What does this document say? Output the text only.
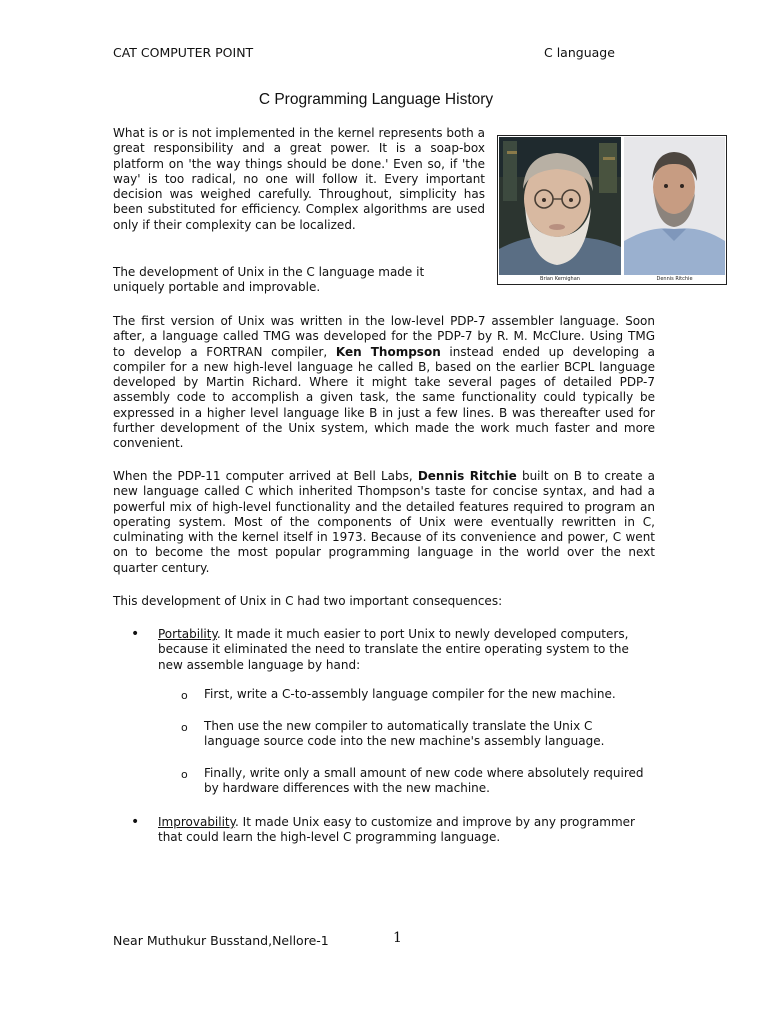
CAT COMPUTER POINT	C language
C Programming Language History

What is or is not implemented in the kernel represents both a great responsibility and a great power. It is a soap-box platform on 'the way things should be done.' Even so, if 'the way' is too radical, no one will follow it. Every important decision was weighed carefully. Throughout, simplicity has been substituted for efficiency. Complex algorithms are used only if their complexity can be localized.

The development of Unix in the C language made it uniquely portable and improvable.

Brian Kernighan	Dennis Ritchie

The first version of Unix was written in the low-level PDP-7 assembler language. Soon after, a language called TMG was developed for the PDP-7 by R. M. McClure. Using TMG to develop a FORTRAN compiler, Ken Thompson instead ended up developing a compiler for a new high-level language he called B, based on the earlier BCPL language developed by Martin Richard. Where it might take several pages of detailed PDP-7 assembly code to accomplish a given task, the same functionality could typically be expressed in a higher level language like B in just a few lines. B was thereafter used for further development of the Unix system, which made the work much faster and more convenient.

When the PDP-11 computer arrived at Bell Labs, Dennis Ritchie built on B to create a new language called C which inherited Thompson's taste for concise syntax, and had a powerful mix of high-level functionality and the detailed features required to program an operating system. Most of the components of Unix were eventually rewritten in C, culminating with the kernel itself in 1973. Because of its convenience and power, C went on to become the most popular programming language in the world over the next quarter century.

This development of Unix in C had two important consequences:

• Portability. It made it much easier to port Unix to newly developed computers, because it eliminated the need to translate the entire operating system to the new assemble language by hand:

o First, write a C-to-assembly language compiler for the new machine.

o Then use the new compiler to automatically translate the Unix C language source code into the new machine's assembly language.

o Finally, write only a small amount of new code where absolutely required by hardware differences with the new machine.

• Improvability. It made Unix easy to customize and improve by any programmer that could learn the high-level C programming language.

Near Muthukur Busstand,Nellore-1	1
